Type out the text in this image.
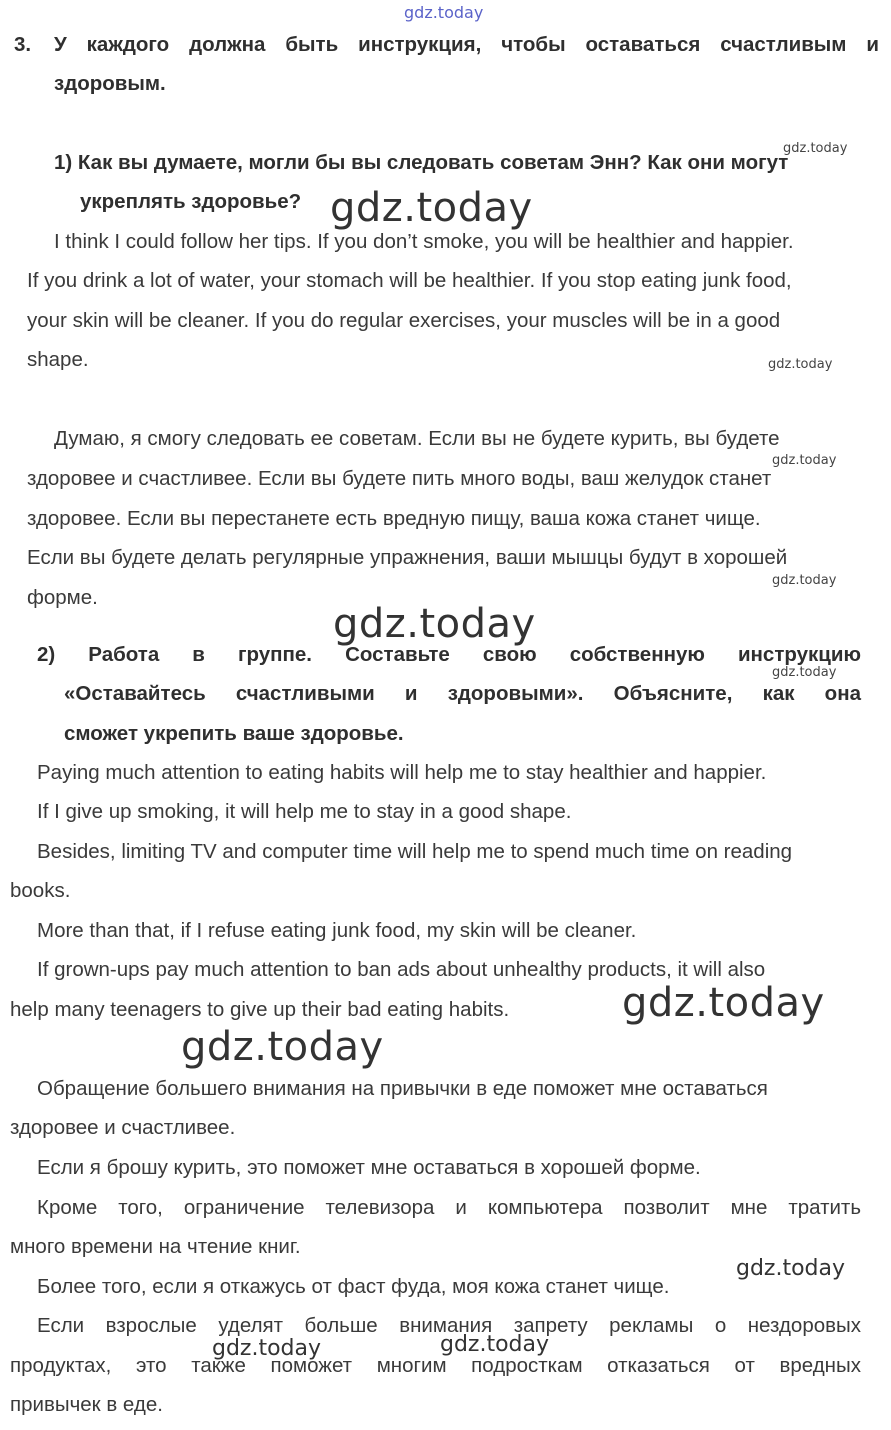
gdz.today
gdz.today
gdz.today
gdz.today
gdz.today
gdz.today
gdz.today
gdz.today
gdz.today
gdz.today
gdz.today
gdz.today
gdz.today
3. У каждого должна быть инструкция, чтобы оставаться счастливым и
здоровым.
1) Как вы думаете, могли бы вы следовать советам Энн? Как они могут
укреплять здоровье?
I think I could follow her tips. If you don’t smoke, you will be healthier and happier.
If you drink a lot of water, your stomach will be healthier. If you stop eating junk food,
your skin will be cleaner. If you do regular exercises, your muscles will be in a good
shape.
Думаю, я смогу следовать ее советам. Если вы не будете курить, вы будете
здоровее и счастливее. Если вы будете пить много воды, ваш желудок станет
здоровее. Если вы перестанете есть вредную пищу, ваша кожа станет чище.
Если вы будете делать регулярные упражнения, ваши мышцы будут в хорошей
форме.
2) Работа в группе. Составьте свою собственную инструкцию
«Оставайтесь счастливыми и здоровыми». Объясните, как она
сможет укрепить ваше здоровье.
Paying much attention to eating habits will help me to stay healthier and happier.
If I give up smoking, it will help me to stay in a good shape.
Besides, limiting TV and computer time will help me to spend much time on reading
books.
More than that, if I refuse eating junk food, my skin will be cleaner.
If grown-ups pay much attention to ban ads about unhealthy products, it will also
help many teenagers to give up their bad eating habits.
Обращение большего внимания на привычки в еде поможет мне оставаться
здоровее и счастливее.
Если я брошу курить, это поможет мне оставаться в хорошей форме.
Кроме того, ограничение телевизора и компьютера позволит мне тратить
много времени на чтение книг.
Более того, если я откажусь от фаст фуда, моя кожа станет чище.
Если взрослые уделят больше внимания запрету рекламы о нездоровых
продуктах, это также поможет многим подросткам отказаться от вредных
привычек в еде.
